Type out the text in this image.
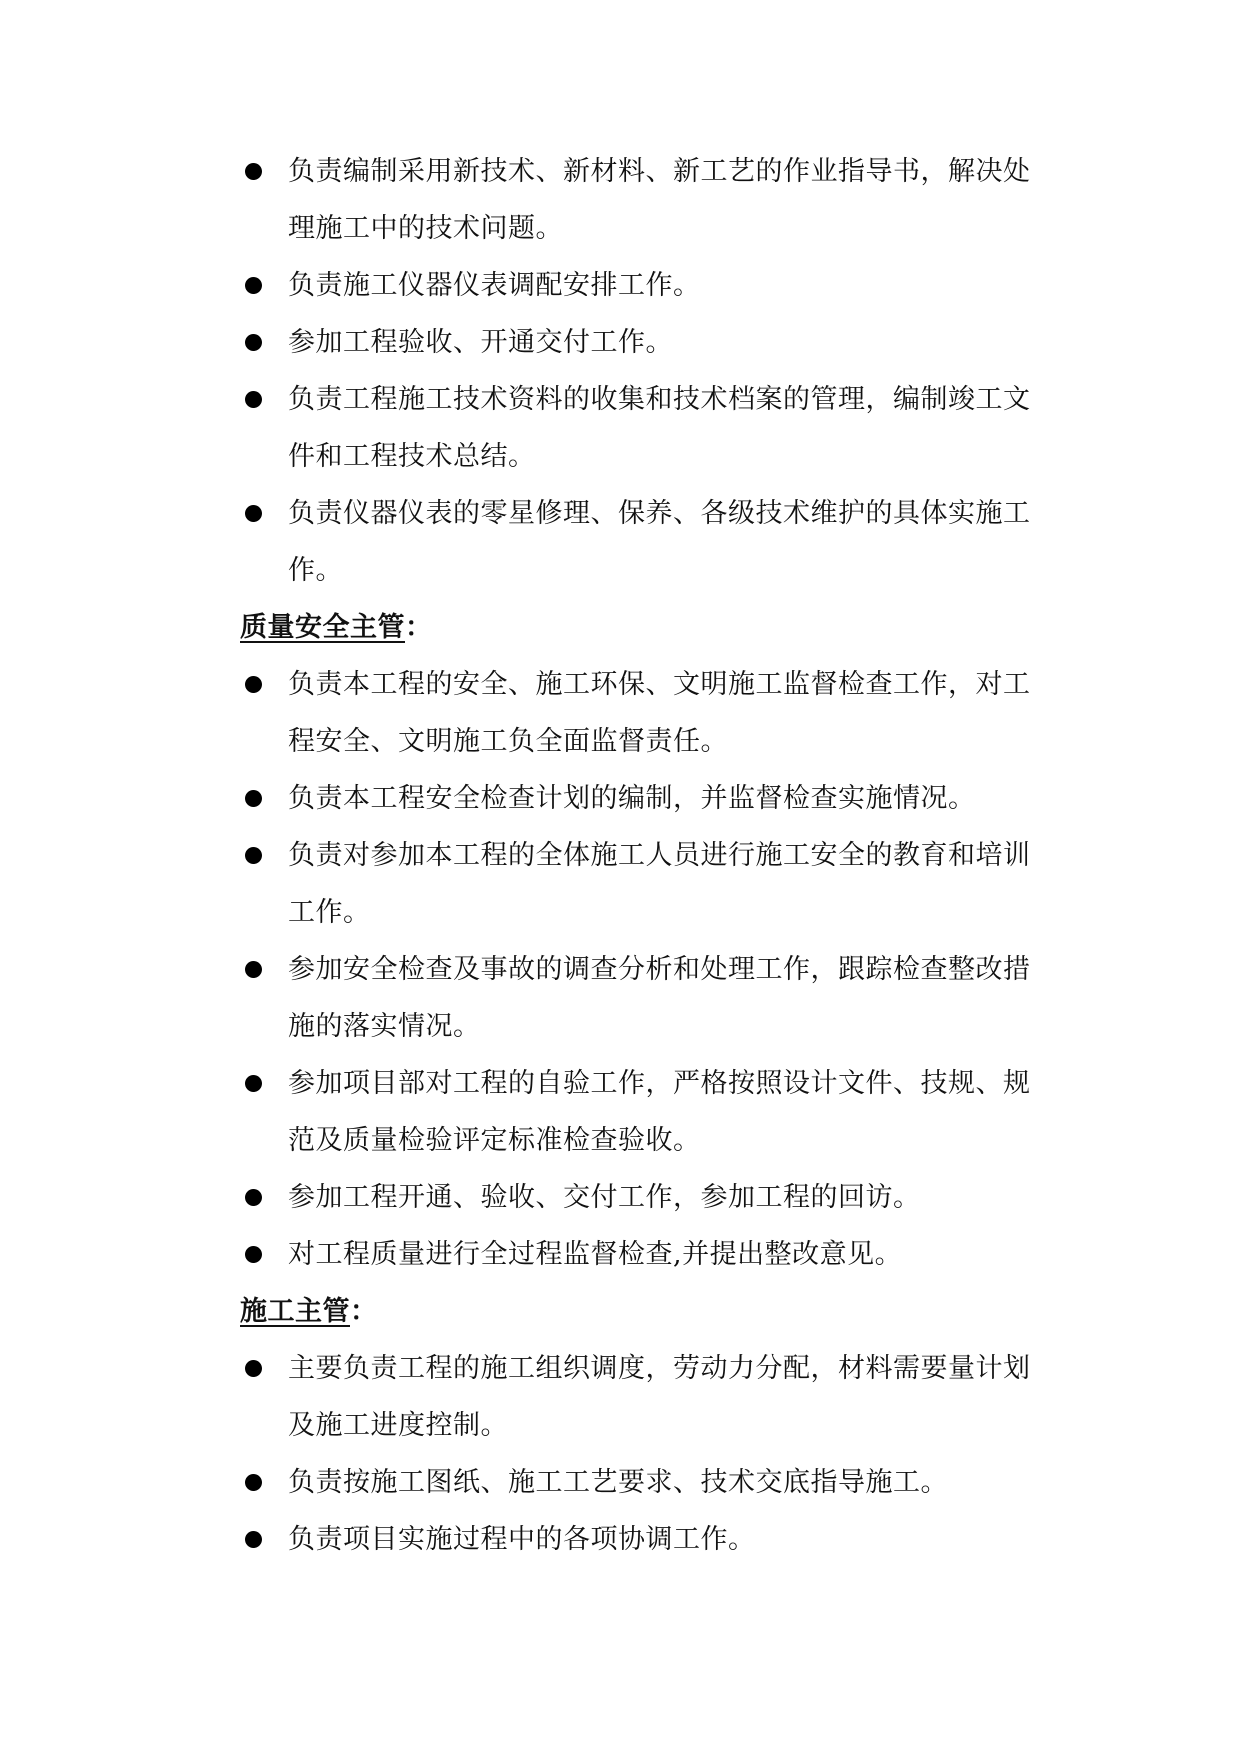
负责编制采用新技术、新材料、新工艺的作业指导书，解决处理施工中的技术问题。
负责施工仪器仪表调配安排工作。
参加工程验收、开通交付工作。
负责工程施工技术资料的收集和技术档案的管理，编制竣工文件和工程技术总结。
负责仪器仪表的零星修理、保养、各级技术维护的具体实施工作。
质量安全主管：
负责本工程的安全、施工环保、文明施工监督检查工作，对工程安全、文明施工负全面监督责任。
负责本工程安全检查计划的编制，并监督检查实施情况。
负责对参加本工程的全体施工人员进行施工安全的教育和培训工作。
参加安全检查及事故的调查分析和处理工作，跟踪检查整改措施的落实情况。
参加项目部对工程的自验工作，严格按照设计文件、技规、规范及质量检验评定标准检查验收。
参加工程开通、验收、交付工作，参加工程的回访。
对工程质量进行全过程监督检查,并提出整改意见。
施工主管：
主要负责工程的施工组织调度，劳动力分配，材料需要量计划及施工进度控制。
负责按施工图纸、施工工艺要求、技术交底指导施工。
负责项目实施过程中的各项协调工作。
